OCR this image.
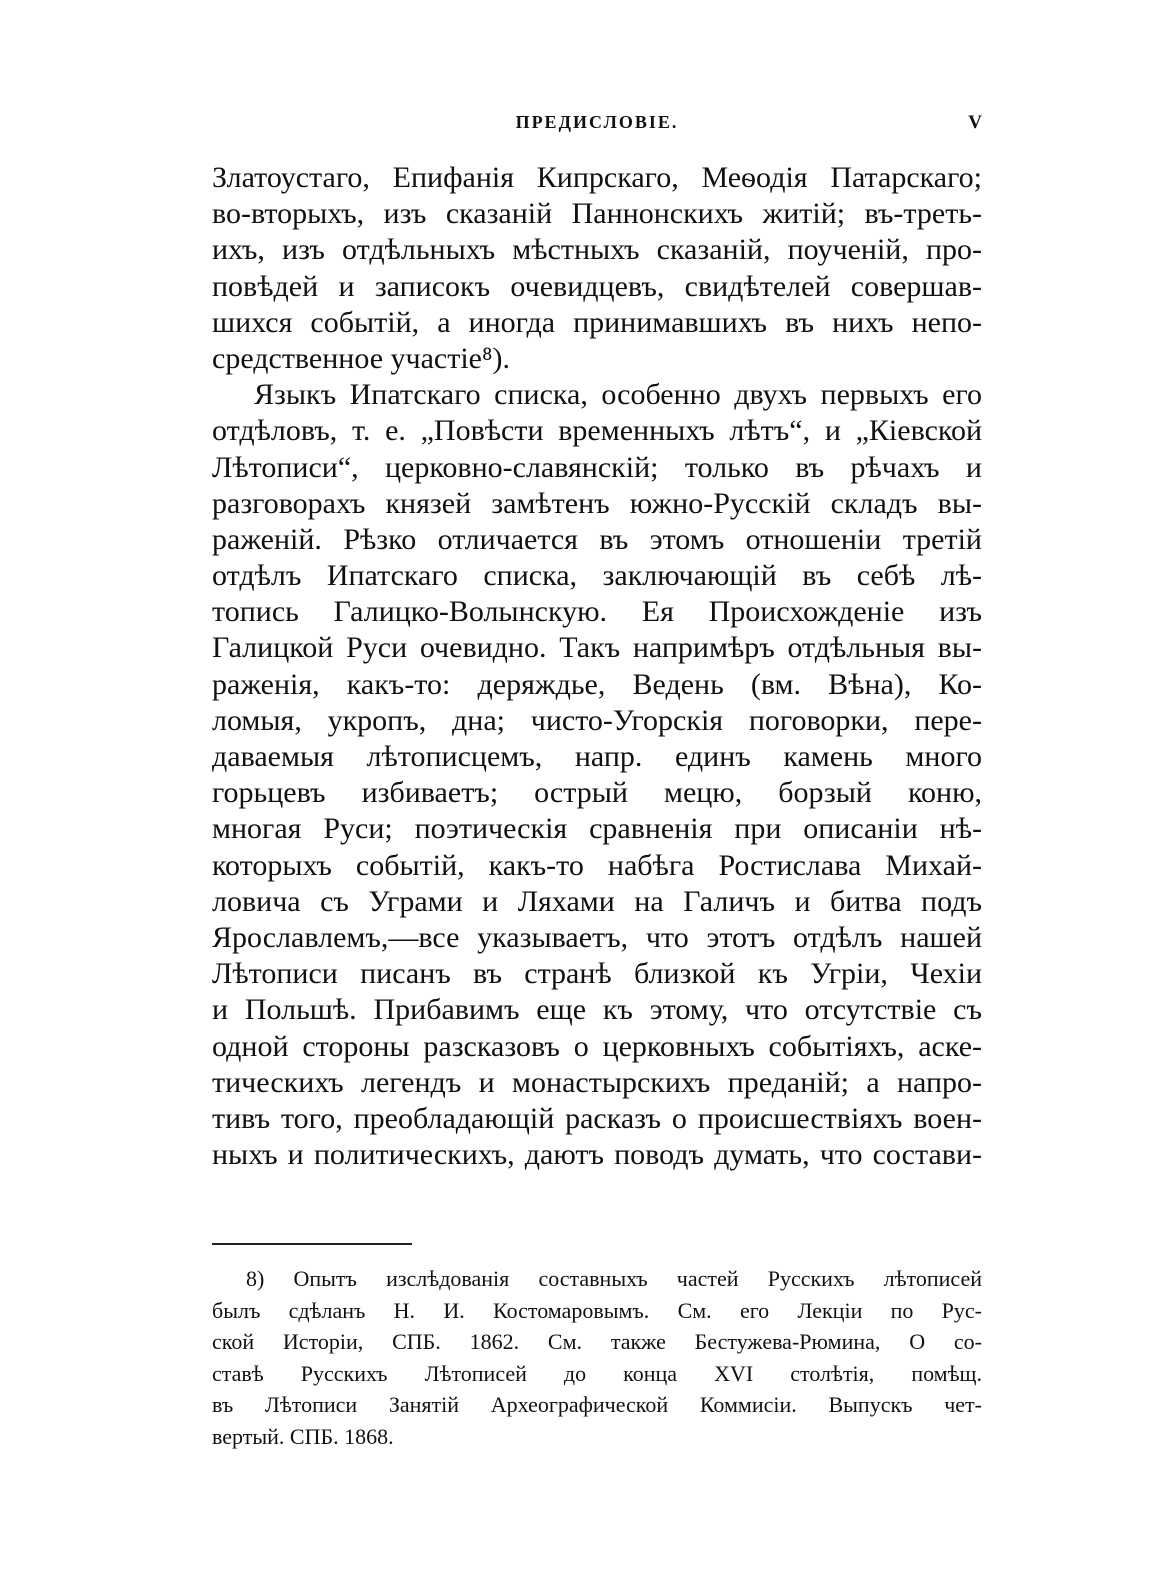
ПРЕДИСЛОВІЕ.	V
Златоустаго, Епифанія Кипрскаго, Меѳодія Патарскаго;
во-вторыхъ, изъ сказаній Паннонскихъ житій; въ-треть-
ихъ, изъ отдѣльныхъ мѣстныхъ сказаній, поученій, про-
повѣдей и записокъ очевидцевъ, свидѣтелей совершав-
шихся событій, а иногда принимавшихъ въ нихъ непо-
средственное участіе⁸).
Языкъ Ипатскаго списка, особенно двухъ первыхъ его
отдѣловъ, т. е. „Повѣсти временныхъ лѣтъ“, и „Кіевской
Лѣтописи“, церковно-славянскій; только въ рѣчахъ и
разговорахъ князей замѣтенъ южно-Русскій складъ вы-
раженій. Рѣзко отличается въ этомъ отношеніи третій
отдѣлъ Ипатскаго списка, заключающій въ себѣ лѣ-
топись Галицко-Волынскую. Ея Происхожденіе изъ
Галицкой Руси очевидно. Такъ напримѣръ отдѣльныя вы-
раженія, какъ-то: деряждье, Ведень (вм. Вѣна), Ко-
ломыя, укропъ, дна; чисто-Угорскія поговорки, пере-
даваемыя лѣтописцемъ, напр. единъ камень много
горьцевъ избиваетъ; острый мецю, борзый коню,
многая Руси; поэтическія сравненія при описаніи нѣ-
которыхъ событій, какъ-то набѣга Ростислава Михай-
ловича съ Уграми и Ляхами на Галичъ и битва подъ
Ярославлемъ,—все указываетъ, что этотъ отдѣлъ нашей
Лѣтописи писанъ въ странѣ близкой къ Угріи, Чехіи
и Польшѣ. Прибавимъ еще къ этому, что отсутствіе съ
одной стороны разсказовъ о церковныхъ событіяхъ, аске-
тическихъ легендъ и монастырскихъ преданій; а напро-
тивъ того, преобладающій расказъ о происшествіяхъ воен-
ныхъ и политическихъ, даютъ поводъ думать, что состави-
8) Опытъ изслѣдованія составныхъ частей Русскихъ лѣтописей
былъ сдѣланъ Н. И. Костомаровымъ. См. его Лекціи по Рус-
ской Исторіи, СПБ. 1862. См. также Бестужева-Рюмина, О со-
ставѣ Русскихъ Лѣтописей до конца XVI столѣтія, помѣщ.
въ Лѣтописи Занятій Археографической Коммисіи. Выпускъ чет-
вертый. СПБ. 1868.
